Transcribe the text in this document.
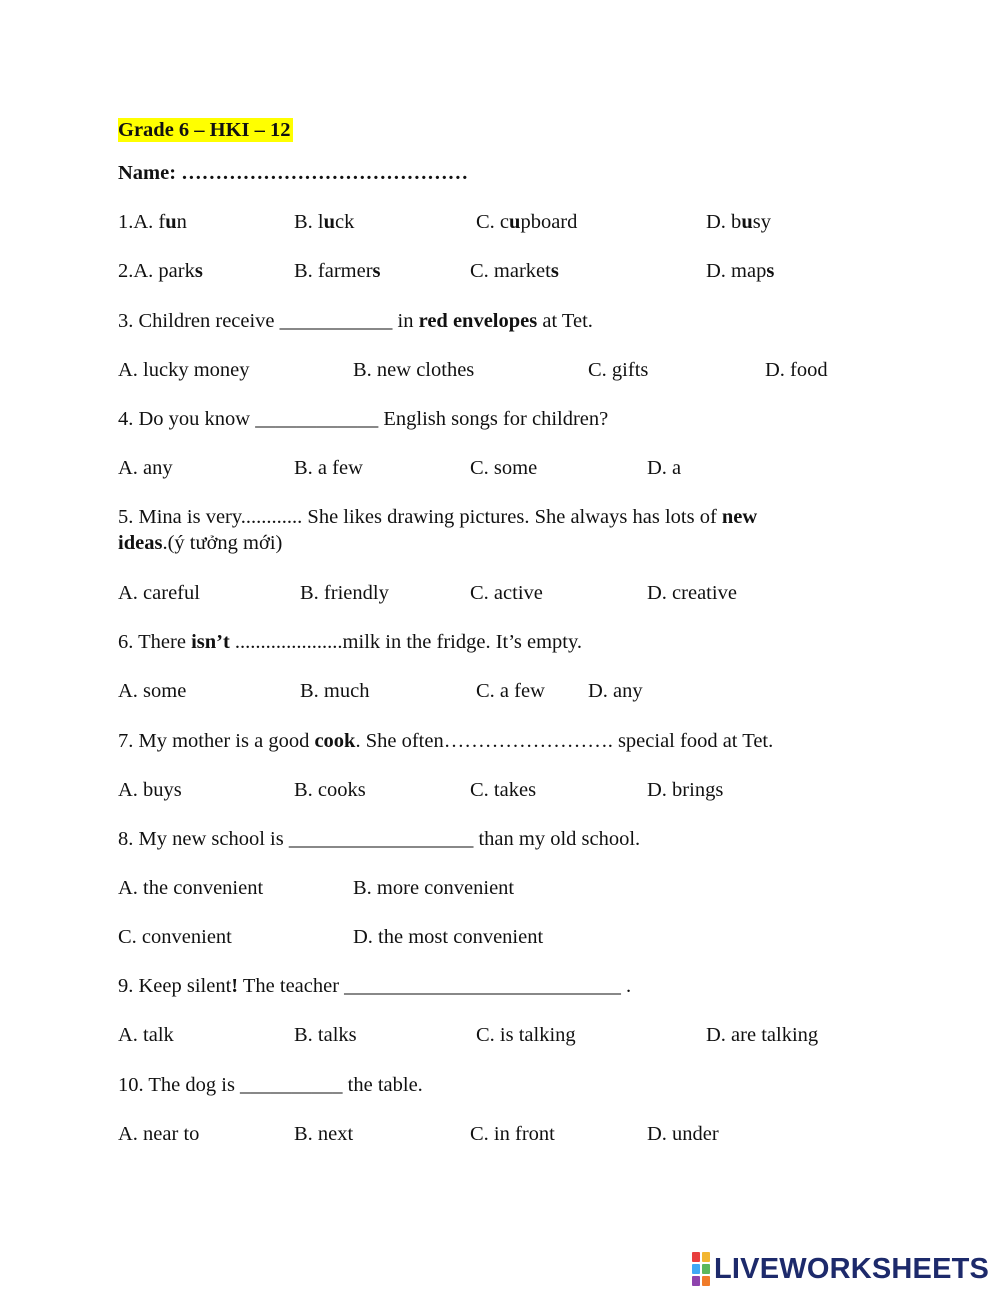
Grade 6 – HKI – 12
Name: ……………………………………
1.A. fun	B. luck	C. cupboard	D. busy
2.A. parks	B. farmers	C. markets	D. maps
3. Children receive ___________ in red envelopes at Tet.
A. lucky money	B. new clothes	C. gifts	D. food
4. Do you know ____________ English songs for children?
A. any	B. a few	C. some	D. a
5. Mina is very............ She likes drawing pictures. She always has lots of new
ideas.(ý tưởng mới)
A. careful	B. friendly	C. active	D. creative
6. There isn’t .....................milk in the fridge. It’s empty.
A. some	B. much	C. a few D. any
7. My mother is a good cook. She often……………………. special food at Tet.
A. buys	B. cooks	C. takes	D. brings
8. My new school is __________________ than my old school.
A. the convenient	B. more convenient
C. convenient	D. the most convenient
9. Keep silent! The teacher ___________________________ .
A. talk	B. talks	C. is talking	D. are talking
10. The dog is __________ the table.
A. near to	B. next	C. in front	D. under
LIVEWORKSHEETS
